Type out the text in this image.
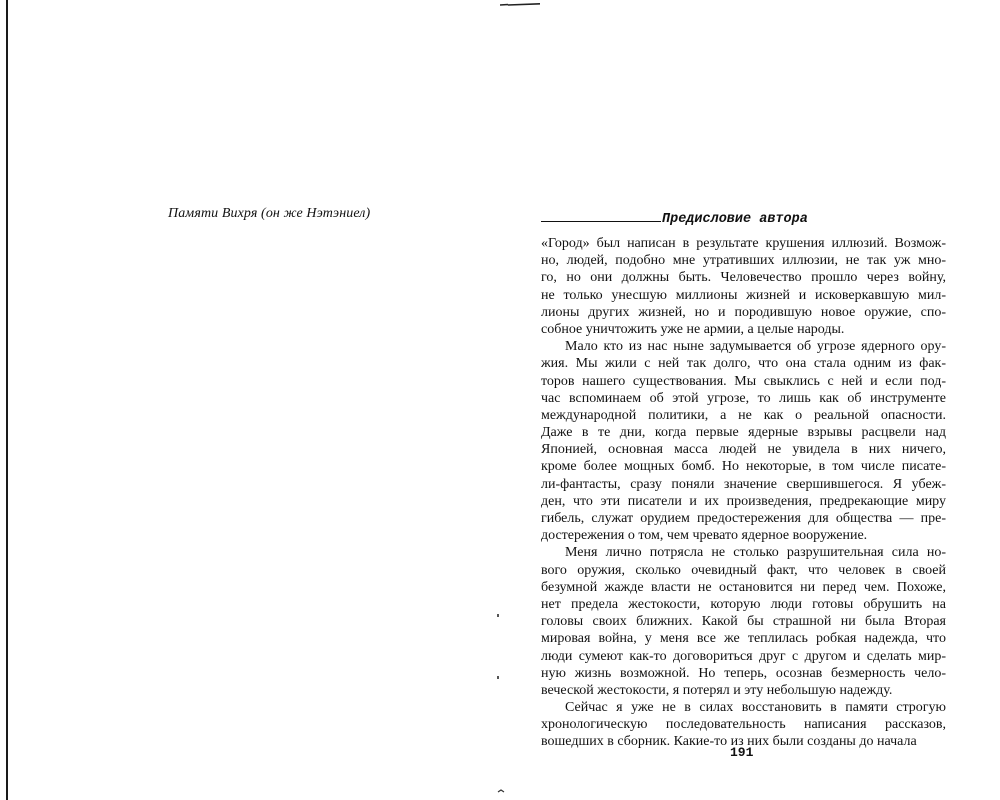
Памяти Вихря (он же Нэтэниел)	Предисловие автора
«Город» был написан в результате крушения иллюзий. Возмож-
но, людей, подобно мне утративших иллюзии, не так уж мно-
го, но они должны быть. Человечество прошло через войну,
не только унесшую миллионы жизней и исковеркавшую мил-
лионы других жизней, но и породившую новое оружие, спо-
собное уничтожить уже не армии, а целые народы.
Мало кто из нас ныне задумывается об угрозе ядерного ору-
жия. Мы жили с ней так долго, что она стала одним из фак-
торов нашего существования. Мы свыклись с ней и если под-
час вспоминаем об этой угрозе, то лишь как об инструменте
международной политики, а не как о реальной опасности.
Даже в те дни, когда первые ядерные взрывы расцвели над
Японией, основная масса людей не увидела в них ничего,
кроме более мощных бомб. Но некоторые, в том числе писате-
ли-фантасты, сразу поняли значение свершившегося. Я убеж-
ден, что эти писатели и их произведения, предрекающие миру
гибель, служат орудием предостережения для общества — пре-
достережения о том, чем чревато ядерное вооружение.
Меня лично потрясла не столько разрушительная сила но-
вого оружия, сколько очевидный факт, что человек в своей
безумной жажде власти не остановится ни перед чем. Похоже,
нет предела жестокости, которую люди готовы обрушить на
головы своих ближних. Какой бы страшной ни была Вторая
мировая война, у меня все же теплилась робкая надежда, что
люди сумеют как-то договориться друг с другом и сделать мир-
ную жизнь возможной. Но теперь, осознав безмерность чело-
веческой жестокости, я потерял и эту небольшую надежду.
Сейчас я уже не в силах восстановить в памяти строгую
хронологическую последовательность написания рассказов,
вошедших в сборник. Какие-то из них были созданы до начала
191
